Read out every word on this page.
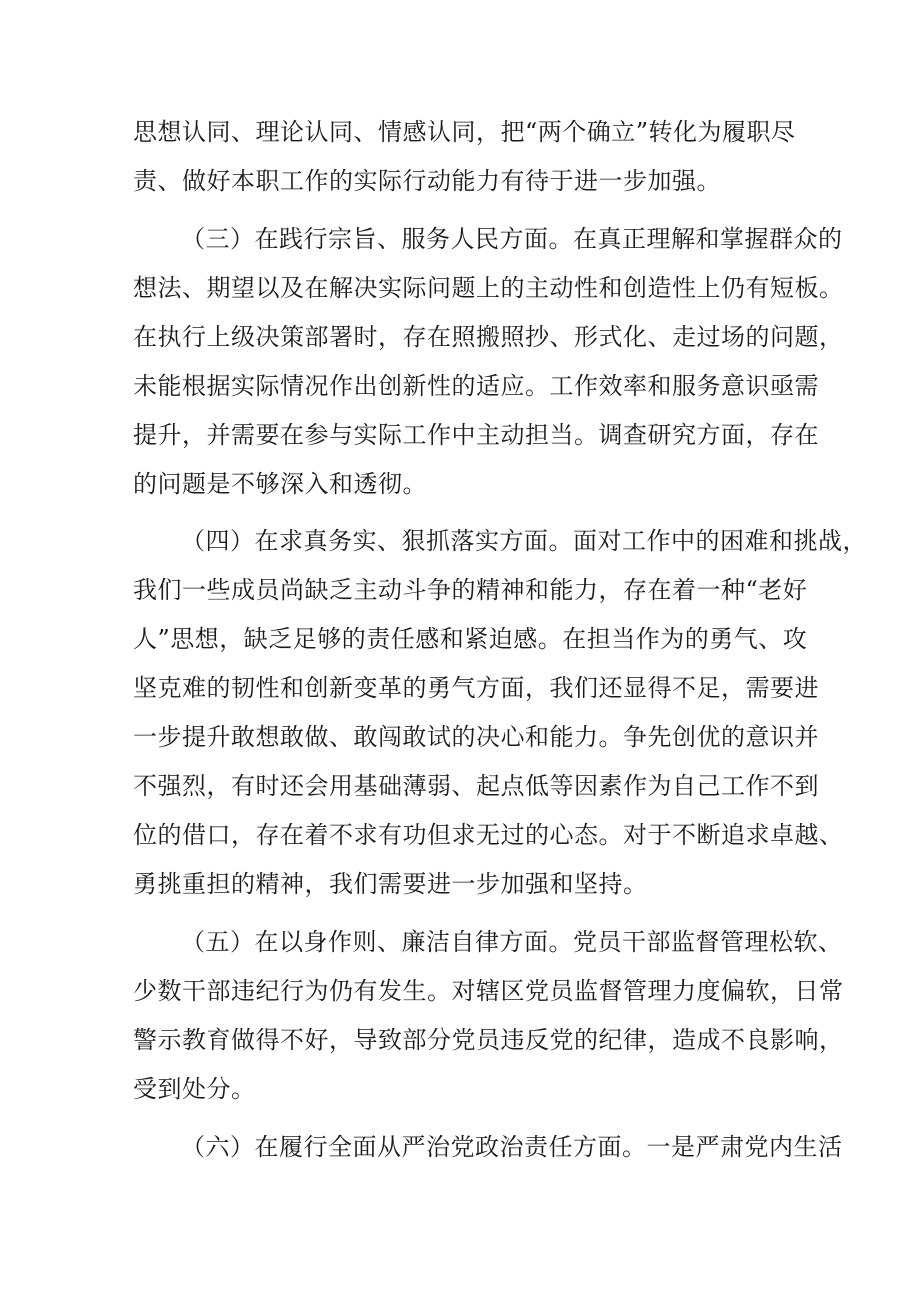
思想认同、理论认同、情感认同，把“两个确立”转化为履职尽
责、做好本职工作的实际行动能力有待于进一步加强。
（三）在践行宗旨、服务人民方面。在真正理解和掌握群众的
想法、期望以及在解决实际问题上的主动性和创造性上仍有短板。
在执行上级决策部署时，存在照搬照抄、形式化、走过场的问题，
未能根据实际情况作出创新性的适应。工作效率和服务意识亟需
提升，并需要在参与实际工作中主动担当。调查研究方面，存在
的问题是不够深入和透彻。
（四）在求真务实、狠抓落实方面。面对工作中的困难和挑战，
我们一些成员尚缺乏主动斗争的精神和能力，存在着一种“老好
人”思想，缺乏足够的责任感和紧迫感。在担当作为的勇气、攻
坚克难的韧性和创新变革的勇气方面，我们还显得不足，需要进
一步提升敢想敢做、敢闯敢试的决心和能力。争先创优的意识并
不强烈，有时还会用基础薄弱、起点低等因素作为自己工作不到
位的借口，存在着不求有功但求无过的心态。对于不断追求卓越、
勇挑重担的精神，我们需要进一步加强和坚持。
（五）在以身作则、廉洁自律方面。党员干部监督管理松软、
少数干部违纪行为仍有发生。对辖区党员监督管理力度偏软，日常
警示教育做得不好，导致部分党员违反党的纪律，造成不良影响，
受到处分。
（六）在履行全面从严治党政治责任方面。一是严肃党内生活
